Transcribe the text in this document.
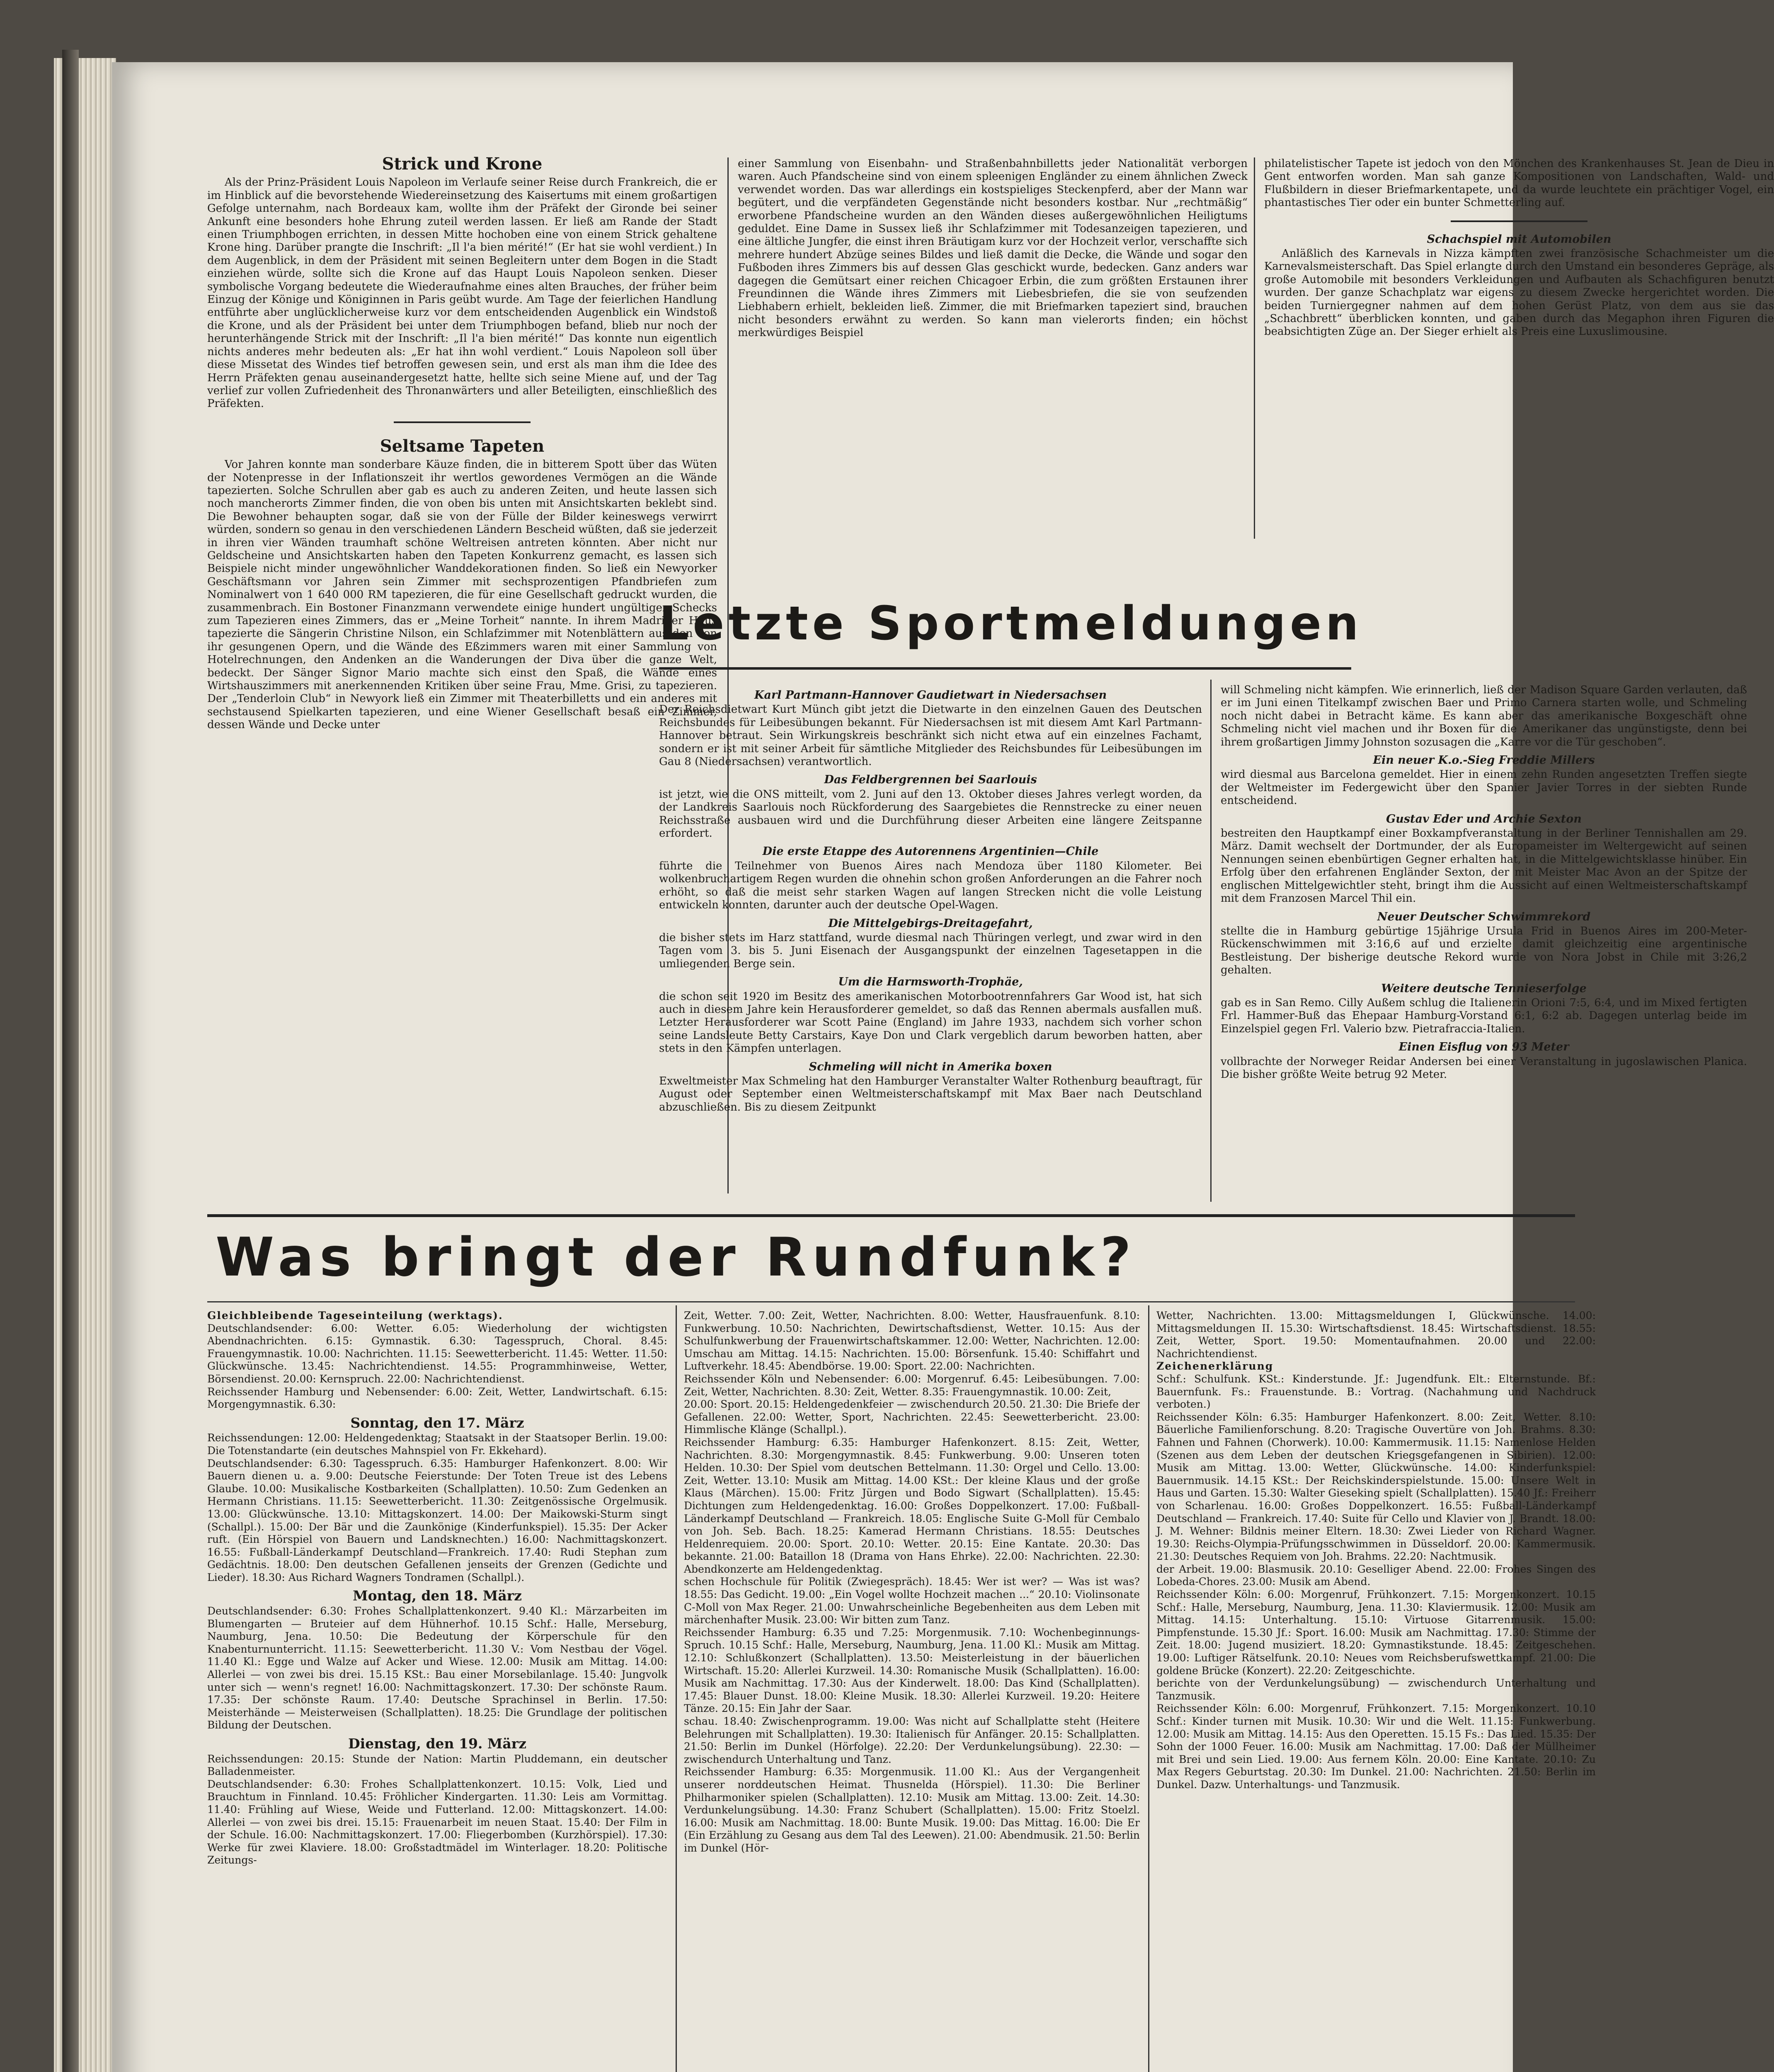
Strick und Krone

Als der Prinz-Präsident Louis Napoleon im Verlaufe seiner Reise durch Frankreich, die er im Hinblick auf die bevorstehende Wiedereinsetzung des Kaisertums mit einem großartigen Gefolge unternahm, nach Bordeaux kam, wollte ihm der Präfekt der Gironde bei seiner Ankunft eine besonders hohe Ehrung zuteil werden lassen. Er ließ am Rande der Stadt einen Triumphbogen errichten, in dessen Mitte hochoben eine von einem Strick gehaltene Krone hing. Darüber prangte die Inschrift: „Il l'a bien mérité!“ (Er hat sie wohl verdient.) In dem Augenblick, in dem der Präsident mit seinen Begleitern unter dem Bogen in die Stadt einziehen würde, sollte sich die Krone auf das Haupt Louis Napoleon senken. Dieser symbolische Vorgang bedeutete die Wiederaufnahme eines alten Brauches, der früher beim Einzug der Könige und Königinnen in Paris geübt wurde. Am Tage der feierlichen Handlung entführte aber unglücklicherweise kurz vor dem entscheidenden Augenblick ein Windstoß die Krone, und als der Präsident bei unter dem Triumphbogen befand, blieb nur noch der herunterhängende Strick mit der Inschrift: „Il l'a bien mérité!“ Das konnte nun eigentlich nichts anderes mehr bedeuten als: „Er hat ihn wohl verdient.“ Louis Napoleon soll über diese Missetat des Windes tief betroffen gewesen sein, und erst als man ihm die Idee des Herrn Präfekten genau auseinandergesetzt hatte, hellte sich seine Miene auf, und der Tag verlief zur vollen Zufriedenheit des Thronanwärters und aller Beteiligten, einschließlich des Präfekten.

Seltsame Tapeten

Vor Jahren konnte man sonderbare Käuze finden, die in bitterem Spott über das Wüten der Notenpresse in der Inflationszeit ihr wertlos gewordenes Vermögen an die Wände tapezierten. Solche Schrullen aber gab es auch zu anderen Zeiten, und heute lassen sich noch mancherorts Zimmer finden, die von oben bis unten mit Ansichtskarten beklebt sind. Die Bewohner behaupten sogar, daß sie von der Fülle der Bilder keineswegs verwirrt würden, sondern so genau in den verschiedenen Ländern Bescheid wüßten, daß sie jederzeit in ihren vier Wänden traumhaft schöne Weltreisen antreten könnten. Aber nicht nur Geldscheine und Ansichtskarten haben den Tapeten Konkurrenz gemacht, es lassen sich Beispiele nicht minder ungewöhnlicher Wanddekorationen finden. So ließ ein Newyorker Geschäftsmann vor Jahren sein Zimmer mit sechsprozentigen Pfandbriefen zum Nominalwert von 1 640 000 RM tapezieren, die für eine Gesellschaft gedruckt wurden, die zusammenbrach. Ein Bostoner Finanzmann verwendete einige hundert ungültiger Schecks zum Tapezieren eines Zimmers, das er „Meine Torheit“ nannte. In ihrem Madrider Haus tapezierte die Sängerin Christine Nilson, ein Schlafzimmer mit Notenblättern aus den von ihr gesungenen Opern, und die Wände des Eßzimmers waren mit einer Sammlung von Hotelrechnungen, den Andenken an die Wanderungen der Diva über die ganze Welt, bedeckt. Der Sänger Signor Mario machte sich einst den Spaß, die Wände eines Wirtshauszimmers mit anerkennenden Kritiken über seine Frau, Mme. Grisi, zu tapezieren. Der „Tenderloin Club“ in Newyork ließ ein Zimmer mit Theaterbilletts und ein anderes mit sechstausend Spielkarten tapezieren, und eine Wiener Gesellschaft besaß ein Zimmer, dessen Wände und Decke unter

einer Sammlung von Eisenbahn- und Straßenbahnbilletts jeder Nationalität verborgen waren. Auch Pfandscheine sind von einem spleenigen Engländer zu einem ähnlichen Zweck verwendet worden. Das war allerdings ein kostspieliges Steckenpferd, aber der Mann war begütert, und die verpfändeten Gegenstände nicht besonders kostbar. Nur „rechtmäßig“ erworbene Pfandscheine wurden an den Wänden dieses außergewöhnlichen Heiligtums geduldet. Eine Dame in Sussex ließ ihr Schlafzimmer mit Todesanzeigen tapezieren, und eine ältliche Jungfer, die einst ihren Bräutigam kurz vor der Hochzeit verlor, verschaffte sich mehrere hundert Abzüge seines Bildes und ließ damit die Decke, die Wände und sogar den Fußboden ihres Zimmers bis auf dessen Glas geschickt wurde, bedecken. Ganz anders war dagegen die Gemütsart einer reichen Chicagoer Erbin, die zum größten Erstaunen ihrer Freundinnen die Wände ihres Zimmers mit Liebesbriefen, die sie von seufzenden Liebhabern erhielt, bekleiden ließ. Zimmer, die mit Briefmarken tapeziert sind, brauchen nicht besonders erwähnt zu werden. So kann man vielerorts finden; ein höchst merkwürdiges Beispiel

philatelistischer Tapete ist jedoch von den Mönchen des Krankenhauses St. Jean de Dieu in Gent entworfen worden. Man sah ganze Kompositionen von Landschaften, Wald- und Flußbildern in dieser Briefmarkentapete, und da wurde leuchtete ein prächtiger Vogel, ein phantastisches Tier oder ein bunter Schmetterling auf.

Schachspiel mit Automobilen

Anläßlich des Karnevals in Nizza kämpften zwei französische Schachmeister um die Karnevalsmeisterschaft. Das Spiel erlangte durch den Umstand ein besonderes Gepräge, als große Automobile mit besonders Verkleidungen und Aufbauten als Schachfiguren benutzt wurden. Der ganze Schachplatz war eigens zu diesem Zwecke hergerichtet worden. Die beiden Turniergegner nahmen auf dem hohen Gerüst Platz, von dem aus sie das „Schachbrett“ überblicken konnten, und gaben durch das Megaphon ihren Figuren die beabsichtigten Züge an. Der Sieger erhielt als Preis eine Luxuslimousine.

Letzte Sportmeldungen
Karl Partmann-Hannover Gaudietwart in Niedersachsen

Der Reichsdietwart Kurt Münch gibt jetzt die Dietwarte in den einzelnen Gauen des Deutschen Reichsbundes für Leibesübungen bekannt. Für Niedersachsen ist mit diesem Amt Karl Partmann-Hannover betraut. Sein Wirkungskreis beschränkt sich nicht etwa auf ein einzelnes Fachamt, sondern er ist mit seiner Arbeit für sämtliche Mitglieder des Reichsbundes für Leibesübungen im Gau 8 (Niedersachsen) verantwortlich.

Das Feldbergrennen bei Saarlouis

ist jetzt, wie die ONS mitteilt, vom 2. Juni auf den 13. Oktober dieses Jahres verlegt worden, da der Landkreis Saarlouis noch Rückforderung des Saargebietes die Rennstrecke zu einer neuen Reichsstraße ausbauen wird und die Durchführung dieser Arbeiten eine längere Zeitspanne erfordert.

Die erste Etappe des Autorennens Argentinien—Chile

führte die Teilnehmer von Buenos Aires nach Mendoza über 1180 Kilometer. Bei wolkenbruchartigem Regen wurden die ohnehin schon großen Anforderungen an die Fahrer noch erhöht, so daß die meist sehr starken Wagen auf langen Strecken nicht die volle Leistung entwickeln konnten, darunter auch der deutsche Opel-Wagen.

Die Mittelgebirgs-Dreitagefahrt,

die bisher stets im Harz stattfand, wurde diesmal nach Thüringen verlegt, und zwar wird in den Tagen vom 3. bis 5. Juni Eisenach der Ausgangspunkt der einzelnen Tagesetappen in die umliegenden Berge sein.

Um die Harmsworth-Trophäe,

die schon seit 1920 im Besitz des amerikanischen Motorbootrennfahrers Gar Wood ist, hat sich auch in diesem Jahre kein Herausforderer gemeldet, so daß das Rennen abermals ausfallen muß. Letzter Herausforderer war Scott Paine (England) im Jahre 1933, nachdem sich vorher schon seine Landsleute Betty Carstairs, Kaye Don und Clark vergeblich darum beworben hatten, aber stets in den Kämpfen unterlagen.

Schmeling will nicht in Amerika boxen

Exweltmeister Max Schmeling hat den Hamburger Veranstalter Walter Rothenburg beauftragt, für August oder September einen Weltmeisterschaftskampf mit Max Baer nach Deutschland abzuschließen. Bis zu diesem Zeitpunkt

will Schmeling nicht kämpfen. Wie erinnerlich, ließ der Madison Square Garden verlauten, daß er im Juni einen Titelkampf zwischen Baer und Primo Carnera starten wolle, und Schmeling noch nicht dabei in Betracht käme. Es kann aber das amerikanische Boxgeschäft ohne Schmeling nicht viel machen und ihr Boxen für die Amerikaner das ungünstigste, denn bei ihrem großartigen Jimmy Johnston sozusagen die „Karre vor die Tür geschoben“.

Ein neuer K.o.-Sieg Freddie Millers

wird diesmal aus Barcelona gemeldet. Hier in einem zehn Runden angesetzten Treffen siegte der Weltmeister im Federgewicht über den Spanier Javier Torres in der siebten Runde entscheidend.

Gustav Eder und Archie Sexton

bestreiten den Hauptkampf einer Boxkampfveranstaltung in der Berliner Tennishallen am 29. März. Damit wechselt der Dortmunder, der als Europameister im Weltergewicht auf seinen Nennungen seinen ebenbürtigen Gegner erhalten hat, in die Mittelgewichtsklasse hinüber. Ein Erfolg über den erfahrenen Engländer Sexton, der mit Meister Mac Avon an der Spitze der englischen Mittelgewichtler steht, bringt ihm die Aussicht auf einen Weltmeisterschaftskampf mit dem Franzosen Marcel Thil ein.

Neuer Deutscher Schwimmrekord

stellte die in Hamburg gebürtige 15jährige Ursula Frid in Buenos Aires im 200-Meter-Rückenschwimmen mit 3:16,6 auf und erzielte damit gleichzeitig eine argentinische Bestleistung. Der bisherige deutsche Rekord wurde von Nora Jobst in Chile mit 3:26,2 gehalten.

Weitere deutsche Tennieserfolge

gab es in San Remo. Cilly Außem schlug die Italienerin Orioni 7:5, 6:4, und im Mixed fertigten Frl. Hammer-Buß das Ehepaar Hamburg-Vorstand 6:1, 6:2 ab. Dagegen unterlag beide im Einzelspiel gegen Frl. Valerio bzw. Pietrafraccia-Italien.

Einen Eisflug von 93 Meter

vollbrachte der Norweger Reidar Andersen bei einer Veranstaltung in jugoslawischen Planica. Die bisher größte Weite betrug 92 Meter.

Was bringt der Rundfunk?
Gleichbleibende Tageseinteilung (werktags).

Deutschlandsender: 6.00: Wetter. 6.05: Wiederholung der wichtigsten Abendnachrichten. 6.15: Gymnastik. 6.30: Tagesspruch, Choral. 8.45: Frauengymnastik. 10.00: Nachrichten. 11.15: Seewetterbericht. 11.45: Wetter. 11.50: Glückwünsche. 13.45: Nachrichtendienst. 14.55: Programmhinweise, Wetter, Börsendienst. 20.00: Kernspruch. 22.00: Nachrichtendienst.

Reichssender Hamburg und Nebensender: 6.00: Zeit, Wetter, Landwirtschaft. 6.15: Morgengymnastik. 6.30:

Sonntag, den 17. März

Reichssendungen: 12.00: Heldengedenktag; Staatsakt in der Staatsoper Berlin. 19.00: Die Totenstandarte (ein deutsches Mahnspiel von Fr. Ekkehard).

Deutschlandsender: 6.30: Tagesspruch. 6.35: Hamburger Hafenkonzert. 8.00: Wir Bauern dienen u. a. 9.00: Deutsche Feierstunde: Der Toten Treue ist des Lebens Glaube. 10.00: Musikalische Kostbarkeiten (Schallplatten). 10.50: Zum Gedenken an Hermann Christians. 11.15: Seewetterbericht. 11.30: Zeitgenössische Orgelmusik. 13.00: Glückwünsche. 13.10: Mittagskonzert. 14.00: Der Maikowski-Sturm singt (Schallpl.). 15.00: Der Bär und die Zaunkönige (Kinderfunkspiel). 15.35: Der Acker ruft. (Ein Hörspiel von Bauern und Landsknechten.) 16.00: Nachmittagskonzert. 16.55: Fußball-Länderkampf Deutschland—Frankreich. 17.40: Rudi Stephan zum Gedächtnis. 18.00: Den deutschen Gefallenen jenseits der Grenzen (Gedichte und Lieder). 18.30: Aus Richard Wagners Tondramen (Schallpl.).

Montag, den 18. März

Deutschlandsender: 6.30: Frohes Schallplattenkonzert. 9.40 Kl.: Märzarbeiten im Blumengarten — Bruteier auf dem Hühnerhof. 10.15 Schf.: Halle, Merseburg, Naumburg, Jena. 10.50: Die Bedeutung der Körperschule für den Knabenturnunterricht. 11.15: Seewetterbericht. 11.30 V.: Vom Nestbau der Vögel. 11.40 Kl.: Egge und Walze auf Acker und Wiese. 12.00: Musik am Mittag. 14.00: Allerlei — von zwei bis drei. 15.15 KSt.: Bau einer Morsebilanlage. 15.40: Jungvolk unter sich — wenn's regnet! 16.00: Nachmittagskonzert. 17.30: Der schönste Raum. 17.35: Der schönste Raum. 17.40: Deutsche Sprachinsel in Berlin. 17.50: Meisterhände — Meisterweisen (Schallplatten). 18.25: Die Grundlage der politischen Bildung der Deutschen.

Dienstag, den 19. März

Reichssendungen: 20.15: Stunde der Nation: Martin Pluddemann, ein deutscher Balladenmeister.

Deutschlandsender: 6.30: Frohes Schallplattenkonzert. 10.15: Volk, Lied und Brauchtum in Finnland. 10.45: Fröhlicher Kindergarten. 11.30: Leis am Vormittag. 11.40: Frühling auf Wiese, Weide und Futterland. 12.00: Mittagskonzert. 14.00: Allerlei — von zwei bis drei. 15.15: Frauenarbeit im neuen Staat. 15.40: Der Film in der Schule. 16.00: Nachmittagskonzert. 17.00: Fliegerbomben (Kurzhörspiel). 17.30: Werke für zwei Klaviere. 18.00: Großstadtmädel im Winterlager. 18.20: Politische Zeitungs-

Zeit, Wetter. 7.00: Zeit, Wetter, Nachrichten. 8.00: Wetter, Hausfrauenfunk. 8.10: Funkwerbung. 10.50: Nachrichten, Dewirtschaftsdienst, Wetter. 10.15: Aus der Schulfunkwerbung der Frauenwirtschaftskammer. 12.00: Wetter, Nachrichten. 12.00: Umschau am Mittag. 14.15: Nachrichten. 15.00: Börsenfunk. 15.40: Schiffahrt und Luftverkehr. 18.45: Abendbörse. 19.00: Sport. 22.00: Nachrichten.

Reichssender Köln und Nebensender: 6.00: Morgenruf. 6.45: Leibesübungen. 7.00: Zeit, Wetter, Nachrichten. 8.30: Zeit, Wetter. 8.35: Frauengymnastik. 10.00: Zeit,

20.00: Sport. 20.15: Heldengedenkfeier — zwischendurch 20.50. 21.30: Die Briefe der Gefallenen. 22.00: Wetter, Sport, Nachrichten. 22.45: Seewetterbericht. 23.00: Himmlische Klänge (Schallpl.).

Reichssender Hamburg: 6.35: Hamburger Hafenkonzert. 8.15: Zeit, Wetter, Nachrichten. 8.30: Morgengymnastik. 8.45: Funkwerbung. 9.00: Unseren toten Helden. 10.30: Der Spiel vom deutschen Bettelmann. 11.30: Orgel und Cello. 13.00: Zeit, Wetter. 13.10: Musik am Mittag. 14.00 KSt.: Der kleine Klaus und der große Klaus (Märchen). 15.00: Fritz Jürgen und Bodo Sigwart (Schallplatten). 15.45: Dichtungen zum Heldengedenktag. 16.00: Großes Doppelkonzert. 17.00: Fußball-Länderkampf Deutschland — Frankreich. 18.05: Englische Suite G-Moll für Cembalo von Joh. Seb. Bach. 18.25: Kamerad Hermann Christians. 18.55: Deutsches Heldenrequiem. 20.00: Sport. 20.10: Wetter. 20.15: Eine Kantate. 20.30: Das bekannte. 21.00: Bataillon 18 (Drama von Hans Ehrke). 22.00: Nachrichten. 22.30: Abendkonzerte am Heldengedenktag.

schen Hochschule für Politik (Zwiegespräch). 18.45: Wer ist wer? — Was ist was? 18.55: Das Gedicht. 19.00: „Ein Vogel wollte Hochzeit machen ...“ 20.10: Violinsonate C-Moll von Max Reger. 21.00: Unwahrscheinliche Begebenheiten aus dem Leben mit märchenhafter Musik. 23.00: Wir bitten zum Tanz.

Reichssender Hamburg: 6.35 und 7.25: Morgenmusik. 7.10: Wochenbeginnungs-Spruch. 10.15 Schf.: Halle, Merseburg, Naumburg, Jena. 11.00 Kl.: Musik am Mittag. 12.10: Schlußkonzert (Schallplatten). 13.50: Meisterleistung in der bäuerlichen Wirtschaft. 15.20: Allerlei Kurzweil. 14.30: Romanische Musik (Schallplatten). 16.00: Musik am Nachmittag. 17.30: Aus der Kinderwelt. 18.00: Das Kind (Schallplatten). 17.45: Blauer Dunst. 18.00: Kleine Musik. 18.30: Allerlei Kurzweil. 19.20: Heitere Tänze. 20.15: Ein Jahr der Saar.

schau. 18.40: Zwischenprogramm. 19.00: Was nicht auf Schallplatte steht (Heitere Belehrungen mit Schallplatten). 19.30: Italienisch für Anfänger. 20.15: Schallplatten. 21.50: Berlin im Dunkel (Hörfolge). 22.20: Der Verdunkelungsübung). 22.30: — zwischendurch Unterhaltung und Tanz.

Reichssender Hamburg: 6.35: Morgenmusik. 11.00 Kl.: Aus der Vergangenheit unserer norddeutschen Heimat. Thusnelda (Hörspiel). 11.30: Die Berliner Philharmoniker spielen (Schallplatten). 12.10: Musik am Mittag. 13.00: Zeit. 14.30: Verdunkelungsübung. 14.30: Franz Schubert (Schallplatten). 15.00: Fritz Stoelzl. 16.00: Musik am Nachmittag. 18.00: Bunte Musik. 19.00: Das Mittag. 16.00: Die Er (Ein Erzählung zu Gesang aus dem Tal des Leewen). 21.00: Abendmusik. 21.50: Berlin im Dunkel (Hör-

Wetter, Nachrichten. 13.00: Mittagsmeldungen I, Glückwünsche. 14.00: Mittagsmeldungen II. 15.30: Wirtschaftsdienst. 18.45: Wirtschaftsdienst. 18.55: Zeit, Wetter, Sport. 19.50: Momentaufnahmen. 20.00 und 22.00: Nachrichtendienst.

Zeichenerklärung

Schf.: Schulfunk. KSt.: Kinderstunde. Jf.: Jugendfunk. Elt.: Elternstunde. Bf.: Bauernfunk. Fs.: Frauenstunde. B.: Vortrag. (Nachahmung und Nachdruck verboten.)

Reichssender Köln: 6.35: Hamburger Hafenkonzert. 8.00: Zeit, Wetter. 8.10: Bäuerliche Familienforschung. 8.20: Tragische Ouvertüre von Joh. Brahms. 8.30: Fahnen und Fahnen (Chorwerk). 10.00: Kammermusik. 11.15: Namenlose Helden (Szenen aus dem Leben der deutschen Kriegsgefangenen in Sibirien). 12.00: Musik am Mittag. 13.00: Wetter, Glückwünsche. 14.00: Kinderfunkspiel: Bauernmusik. 14.15 KSt.: Der Reichskinderspielstunde. 15.00: Unsere Welt in Haus und Garten. 15.30: Walter Gieseking spielt (Schallplatten). 15.40 Jf.: Freiherr von Scharlenau. 16.00: Großes Doppelkonzert. 16.55: Fußball-Länderkampf Deutschland — Frankreich. 17.40: Suite für Cello und Klavier von J. Brandt. 18.00: J. M. Wehner: Bildnis meiner Eltern. 18.30: Zwei Lieder von Richard Wagner. 19.30: Reichs-Olympia-Prüfungsschwimmen in Düsseldorf. 20.00: Kammermusik. 21.30: Deutsches Requiem von Joh. Brahms. 22.20: Nachtmusik.

der Arbeit. 19.00: Blasmusik. 20.10: Geselliger Abend. 22.00: Frohes Singen des Lobeda-Chores. 23.00: Musik am Abend.

Reichssender Köln: 6.00: Morgenruf, Frühkonzert. 7.15: Morgenkonzert. 10.15 Schf.: Halle, Merseburg, Naumburg, Jena. 11.30: Klaviermusik. 12.00: Musik am Mittag. 14.15: Unterhaltung. 15.10: Virtuose Gitarrenmusik. 15.00: Pimpfenstunde. 15.30 Jf.: Sport. 16.00: Musik am Nachmittag. 17.30: Stimme der Zeit. 18.00: Jugend musiziert. 18.20: Gymnastikstunde. 18.45: Zeitgeschehen. 19.00: Luftiger Rätselfunk. 20.10: Neues vom Reichsberufswettkampf. 21.00: Die goldene Brücke (Konzert). 22.20: Zeitgeschichte.

berichte von der Verdunkelungsübung) — zwischendurch Unterhaltung und Tanzmusik.

Reichssender Köln: 6.00: Morgenruf, Frühkonzert. 7.15: Morgenkonzert. 10.10 Schf.: Kinder turnen mit Musik. 10.30: Wir und die Welt. 11.15: Funkwerbung. 12.00: Musik am Mittag. 14.15: Aus den Operetten. 15.15 Fs.: Das Lied. 15.35: Der Sohn der 1000 Feuer. 16.00: Musik am Nachmittag. 17.00: Daß der Müllheimer mit Brei und sein Lied. 19.00: Aus fernem Köln. 20.00: Eine Kantate. 20.10: Zu Max Regers Geburtstag. 20.30: Im Dunkel. 21.00: Nachrichten. 21.50: Berlin im Dunkel. Dazw. Unterhaltungs- und Tanzmusik.
